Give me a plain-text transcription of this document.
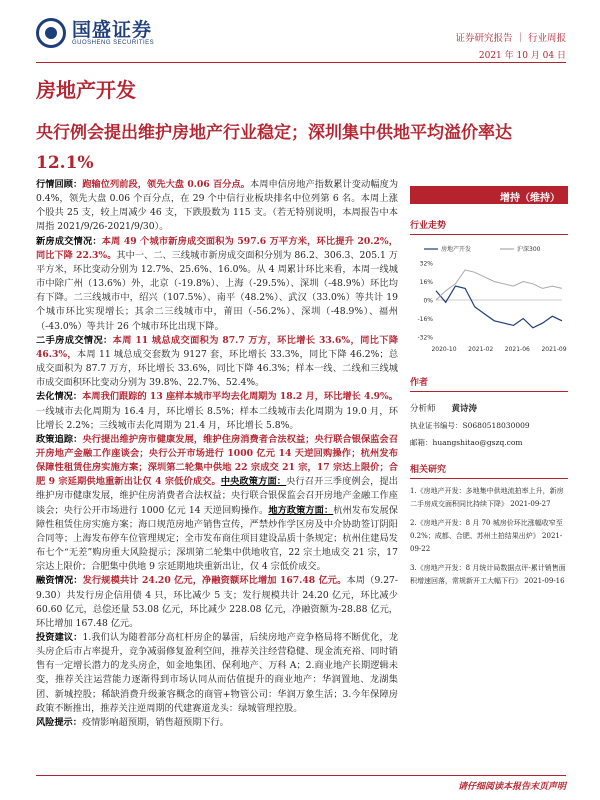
国盛证券
GUOSHENG SECURITIES	证券研究报告 ｜ 行业周报
2021 年 10 月 04 日
房地产开发
央行例会提出维护房地产行业稳定；深圳集中供地平均溢价率达
12.1%

行情回顾：跑输位列前段，领先大盘 0.06 百分点。本周申信房地产指数累计变动幅度为 0.4%，领先大盘 0.06 个百分点，在 29 个中信行业板块排名中位列第 6 名。本周上涨个股共 25 支，较上周减少 46 支，下跌股数为 115 支。（若无特别说明，本周报告中本周指 2021/9/26-2021/9/30）。

新房成交情况：本周 49 个城市新房成交面积为 597.6 万平方米，环比提升 20.2%，同比下降 22.3%。其中一、二、三线城市新房成交面积分别为 86.2、306.3、205.1 万平方米，环比变动分别为 12.7%、25.6%、16.0%。从 4 周累计环比来看，本周一线城市中除广州（13.6%）外，北京（-19.8%）、上海（-29.5%）、深圳（-48.9%）环比均有下降。二三线城市中，绍兴（107.5%）、南平（48.2%）、武汉（33.0%）等共计 19 个城市环比实现增长；其余二三线城市中，莆田（-56.2%）、深圳（-48.9%）、福州（-43.0%）等共计 26 个城市环比出现下降。

二手房成交情况：本周 11 城总成交面积为 87.7 万方，环比增长 33.6%，同比下降 46.3%，本周 11 城总成交套数为 9127 套，环比增长 33.3%，同比下降 46.2%；总成交面积为 87.7 万方，环比增长 33.6%，同比下降 46.3%；样本一线、二线和三线城市成交面积环比变动分别为 39.8%、22.7%、52.4%。

去化情况：本周我们跟踪的 13 座样本城市平均去化周期为 18.2 月，环比增长 4.9%。一线城市去化周期为 16.4 月，环比增长 8.5%；样本二线城市去化周期为 19.0 月，环比增长 2.2%；三线城市去化周期为 21.4 月，环比增长 5.8%。

政策追踪：央行提出维护房市健康发展，维护住房消费者合法权益；央行联合银保监会召开房地产金融工作座谈会；央行公开市场进行 1000 亿元 14 天逆回购操作；杭州发布保障性租赁住房实施方案；深圳第二轮集中供地 22 宗成交 21 宗，17 宗达上限价；合肥 9 宗延期供地重新出让仅 4 宗低价成交。中央政策方面：央行召开三季度例会，提出维护房市健康发展，维护住房消费者合法权益；央行联合银保监会召开房地产金融工作座谈会；央行公开市场进行 1000 亿元 14 天逆回购操作。地方政策方面：杭州发布发展保障性租赁住房实施方案；海口规范房地产销售宣传，严禁炒作学区房及中介协助签订阴阳合同等；上海发布停车位管理规定；全市发布商住项目建设品质十条规定；杭州住建局发布七个“无差”购房重大风险提示；深圳第二轮集中供地收官，22 宗土地成交 21 宗，17 宗达上限价；合肥集中供地 9 宗延期地块重新出让，仅 4 宗低价成交。

融资情况：发行规模共计 24.20 亿元，净融资额环比增加 167.48 亿元。本周（9.27-9.30）共发行房企信用债 4 只，环比减少 5 支；发行规模共计 24.20 亿元，环比减少 60.60 亿元，总偿还量 53.08 亿元，环比减少 228.08 亿元，净融资额为-28.88 亿元，环比增加 167.48 亿元。

投资建议：1.我们认为随着部分高杠杆房企的暴雷，后续房地产竞争格局将不断优化，龙头房企后市占率提升，竞争减弱修复盈利空间，推荐关注经营稳健、现金流充裕、同时销售有一定增长潜力的龙头房企，如金地集团、保利地产、万科 A；2.商业地产长期逻辑未变，推荐关注运营能力逐渐得到市场认同从而估值提升的商业地产：华润置地、龙湖集团、新城控股；稀缺消费升级兼容概念的商管+物管公司：华润万象生活；3.今年保障房政策不断推出，推荐关注逆周期的代建赛道龙头：绿城管理控股。

风险提示：疫情影响超预期，销售超预期下行。

增持（维持）
行业走势
32%
16%
0%
-16%
-32%
2020-10 2021-02 2021-06 2021-09
房地产开发	沪深300
作者
分析师 黄诗涛
执业证书编号：S0680518030009
邮箱：huangshitao@gszq.com
相关研究
1.《房地产开发：多地集中供地流拍率上升，新房二手房成交面积同比持续下降》 2021-09-27
2.《房地产开发：8 月 70 城房价环比涨幅收窄至 0.2%；成都、合肥、苏州土拍结果出炉》 2021-09-22
3.《房地产开发：8 月统计局数据点评-累计销售面积增速回落，常规新开工大幅下行》 2021-09-16
请仔细阅读本报告末页声明
